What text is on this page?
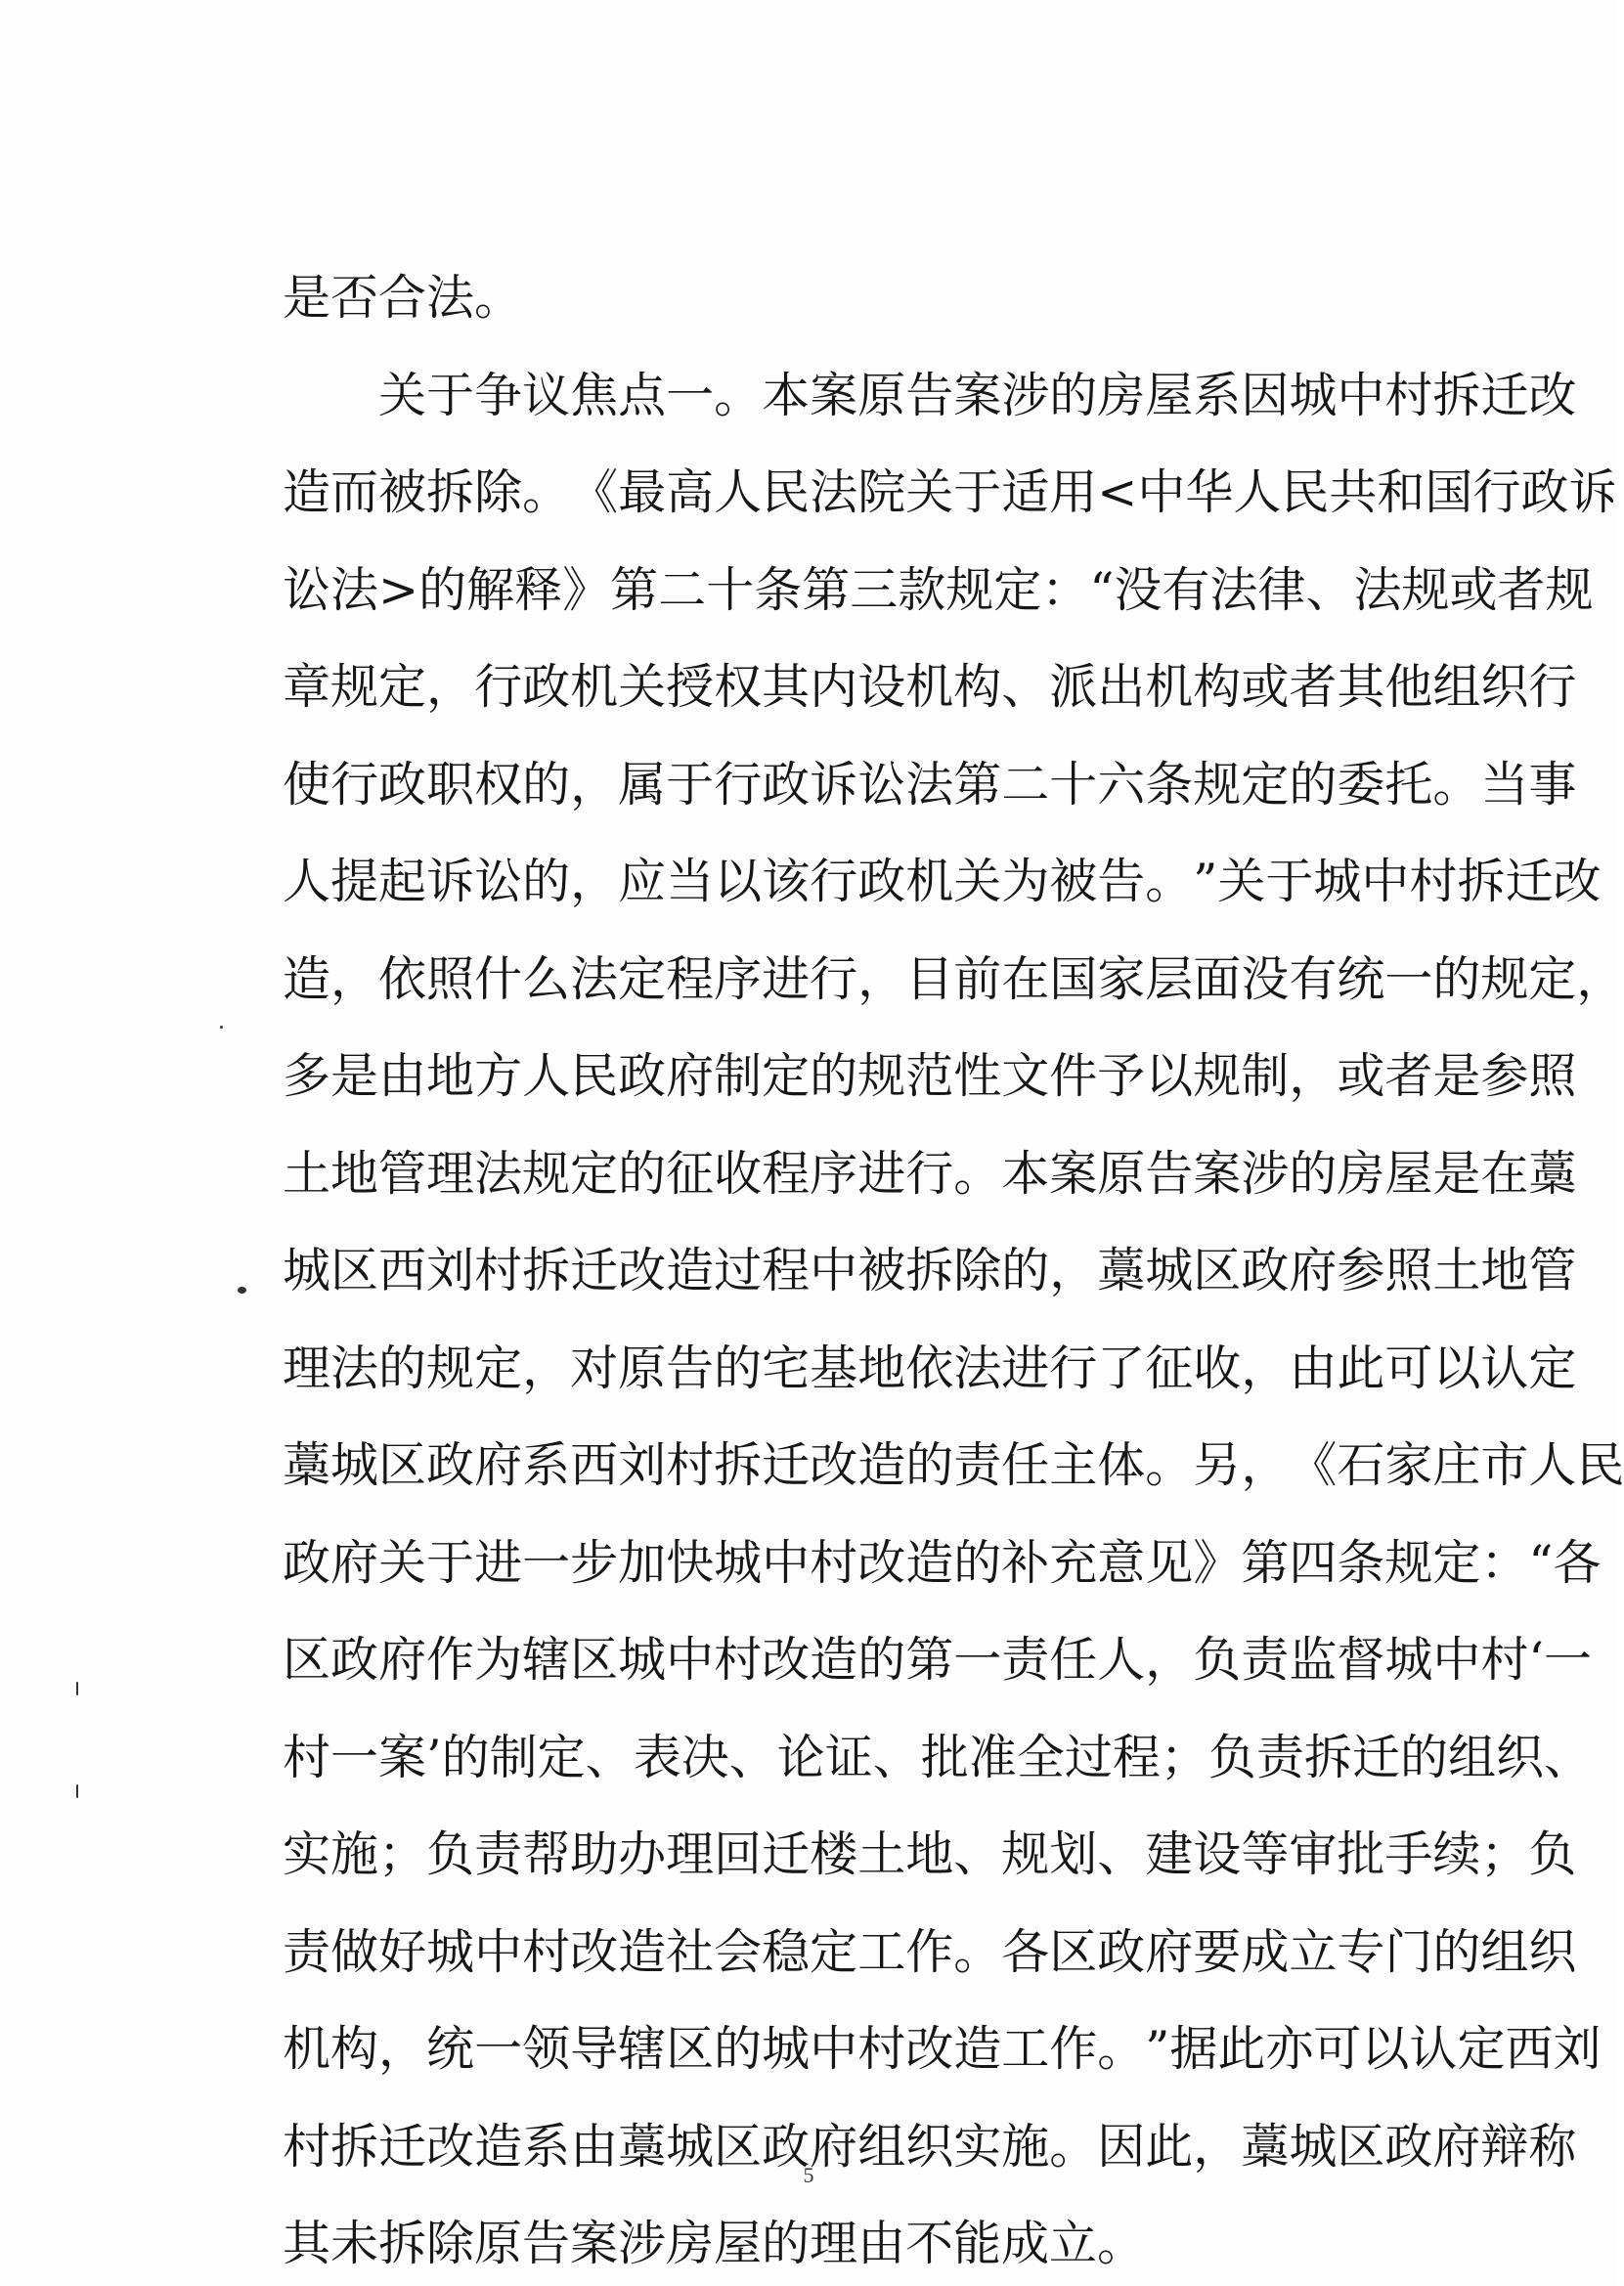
是否合法。

关 于 争 议 焦 点 一 。 本 案 原 告 案 涉 的 房 屋 系 因 城 中 村 拆 迁 改
造 而 被 拆 除 。 《 最 高 人 民 法 院 关 于 适 用 < 中 华 人 民 共 和 国 行 政 诉
讼 法 > 的 解 释 》 第 二 十 条 第 三 款 规 定 ： “ 没 有 法 律 、 法 规 或 者 规
章 规 定 ， 行 政 机 关 授 权 其 内 设 机 构 、 派 出 机 构 或 者 其 他 组 织 行
使 行 政 职 权 的 ， 属 于 行 政 诉 讼 法 第 二 十 六 条 规 定 的 委 托 。 当 事
人 提 起 诉 讼 的 ， 应 当 以 该 行 政 机 关 为 被 告 。 ” 关 于 城 中 村 拆 迁 改
造 ， 依 照 什 么 法 定 程 序 进 行 ， 目 前 在 国 家 层 面 没 有 统 一 的 规 定 ，
多 是 由 地 方 人 民 政 府 制 定 的 规 范 性 文 件 予 以 规 制 ， 或 者 是 参 照
土 地 管 理 法 规 定 的 征 收 程 序 进 行 。 本 案 原 告 案 涉 的 房 屋 是 在 藁
城 区 西 刘 村 拆 迁 改 造 过 程 中 被 拆 除 的 ， 藁 城 区 政 府 参 照 土 地 管
理 法 的 规 定 ， 对 原 告 的 宅 基 地 依 法 进 行 了 征 收 ， 由 此 可 以 认 定
藁 城 区 政 府 系 西 刘 村 拆 迁 改 造 的 责 任 主 体 。 另 ， 《 石 家 庄 市 人 民
政 府 关 于 进 一 步 加 快 城 中 村 改 造 的 补 充 意 见 》 第 四 条 规 定 ： “ 各
区 政 府 作 为 辖 区 城 中 村 改 造 的 第 一 责 任 人 ， 负 责 监 督 城 中 村 ‘ 一
村 一 案 ’ 的 制 定 、 表 决 、 论 证 、 批 准 全 过 程 ； 负 责 拆 迁 的 组 织 、
实 施 ； 负 责 帮 助 办 理 回 迁 楼 土 地 、 规 划 、 建 设 等 审 批 手 续 ； 负
责 做 好 城 中 村 改 造 社 会 稳 定 工 作 。 各 区 政 府 要 成 立 专 门 的 组 织
机 构 ， 统 一 领 导 辖 区 的 城 中 村 改 造 工 作 。 ” 据 此 亦 可 以 认 定 西 刘
村 拆 迁 改 造 系 由 藁 城 区 政 府 组 织 实 施 。 因 此 ， 藁 城 区 政 府 辩 称
其未拆除原告案涉房屋的理由不能成立。
5
